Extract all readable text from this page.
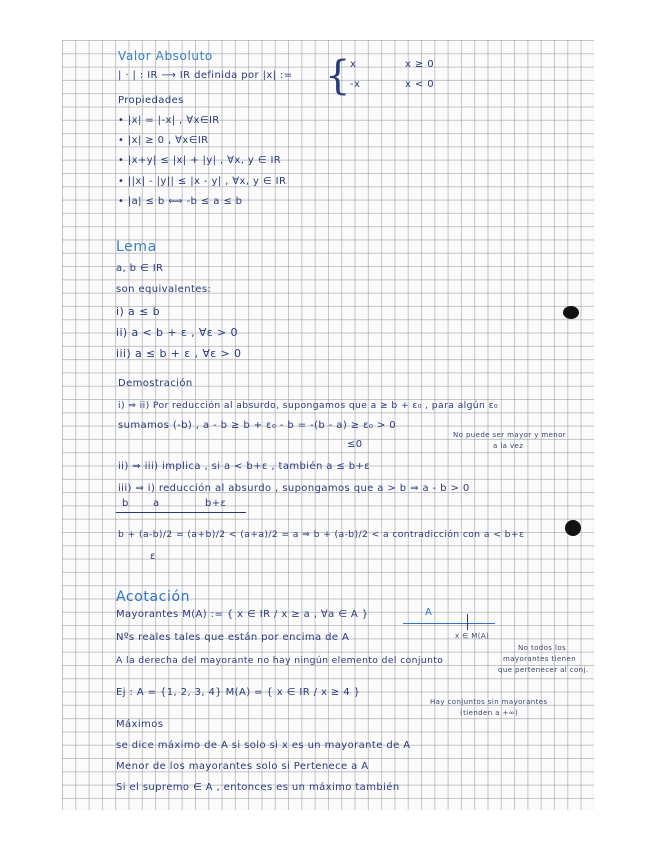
Valor Absoluto
| · | : IR ⟶ IR definida por |x| := { x	x ≥ 0
-x	x < 0
Propiedades
• |x| = |-x| , ∀x∈IR
• |x| ≥ 0 , ∀x∈IR
• |x+y| ≤ |x| + |y| , ∀x, y ∈ IR
• ||x| - |y|| ≤ |x - y| , ∀x, y ∈ IR
• |a| ≤ b ⟺ -b ≤ a ≤ b
Lema
a, b ∈ IR
son equivalentes:
i) a ≤ b
ii) a < b + ε , ∀ε > 0
iii) a ≤ b + ε , ∀ε > 0
Demostración
i) ⇒ ii) Por reducción al absurdo, supongamos que a ≥ b + ε₀ , para algún ε₀
sumamos (-b) , a - b ≥ b + ε₀ - b = -(b - a) ≥ ε₀ > 0
≤0
No puede ser mayor y menor
a la vez
ii) ⇒ iii) implica , si a < b+ε , también a ≤ b+ε
iii) ⇒ i) reducción al absurdo , supongamos que a > b ⇒ a - b > 0
b a	b+ε
b + (a-b)/2 = (a+b)/2 < (a+a)/2 = a ⇒ b + (a-b)/2 < a contradicción con a < b+ε
ε
Acotación
Mayorantes M(A) := { x ∈ IR / x ≥ a , ∀a ∈ A }	A
x ∈ M(A)
Nºs reales tales que están por encima de A
A la derecha del mayorante no hay ningún elemento del conjunto
No todos los
mayorantes tienen
que pertenecer al conj.
Ej : A = {1, 2, 3, 4} M(A) = { x ∈ IR / x ≥ 4 }
Hay conjuntos sin mayorantes
(tienden a +∞)
Máximos
se dice máximo de A si solo si x es un mayorante de A
Menor de los mayorantes solo si Pertenece a A
Si el supremo ∈ A , entonces es un máximo también
